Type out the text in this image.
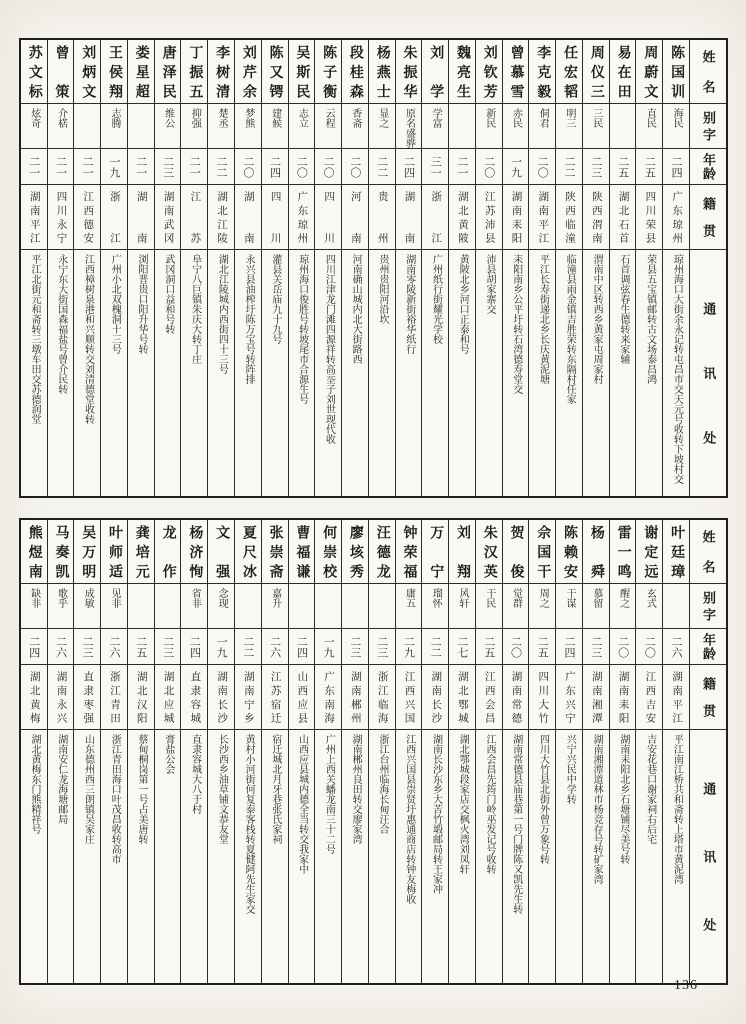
姓名
别字
年龄
籍贯
通讯处
陈国训
海民
二四
广东琼州
琼州海口大街余永记转屯昌市交天元号收转下坡村交
周蔚文
直民
二五
四川荣县
荣县五宝镇邮转古文场泰昌鸿
易在田
二五
湖北石首
石首调弦春生德转来家辅
周仪三
三民
二三
陕西渭南
渭南中区转西乡黄家屯周家村
任宏韬
明三
二二
陕西临潼
临潼县雨金镇吉胜荣转东隔村任家
李克毅
侗君
二〇
湖南平江
平江长寿街递北乡长庆黄泥塘
曾慕雪
赤民
一九
湖南耒阳
耒阳南乡公平圩转石湾德寿堂交
刘钦芳
新民
二〇
江苏沛县
沛县胡家寨交
魏亮生
二一
湖北黄陂
黄陂北乡河口正泰和号
刘学
学富
三一
浙江
广州纸行街耀光学校
朱振华
原名盛骅
二四
湖南
湖南零陵新街裕华纸行
杨燕士
显之
二二
贵州
贵州贵阳河沿坎
段桂森
香斋
二〇
河南
河南确山城内北大街路西
陈子衡
云程
二〇
四川
四川江津龙门滩四源祥转高坖子刘世现代收
吴斯民
志立
二〇
广东琼州
琼州海口俊胜号转坡尾市合源生号
陈又锷
建候
二四
四川
灌县关岳庙九十九号
刘芹余
梦熊
二〇
湖南
永兴县油榨圩陈万宝号转阵排
李树清
楚丞
二二
湖北江陵
湖北江陵城内西街四十三号
丁振五
抑强
二一
江苏
阜宁八巨镇朱庆大转丁庄
唐泽民
维公
二三
湖南武冈
武冈洞口益和号转
娄星超
二一
湖南
浏阳普贵口阳升华号转
王侯翔
志腾
一九
浙江
广州小北双槐洞十三号
刘炳文
二一
江西德安
江西樟树泉港和兴顺转交刘清德堂收转
曾策
介楛
二一
四川永宁
永宁东大街国森福盐号曾介民转
苏文标
炫奇
二一
湖南平江
平江北街元和斋转三墩车田交苏德润堂
姓名
别字
年龄
籍贯
通讯处
叶廷璋
二六
湖南平江
平江南江桥共和斋转上塔市黄泥湾
谢定远
玄式
二〇
江西吉安
吉安花巷口谢家祠右后宅
雷一鸣
醒之
二〇
湖南耒阳
湖南耒阳北乡石塘铺尽美号转
杨舜
慕留
二三
湖南湘潭
湖南湘潭道林市杨竞存号转矿家湾
陈赖安
干谋
二四
广东兴宁
兴宁兴民中学转
佘国干
周之
二五
四川大竹
四川大竹县北街外曾万象号转
贺俊
觉群
二〇
湖南常德
湖南常德县庙巷第一号门牌陈又凯先生转
朱汉英
干民
二五
江西会昌
江西会昌先筠门岭巫发记号收转
刘翔
风轩
二七
湖北鄂城
湖北鄂城段家店交枫火湾刘凤轩
万宁
瑠怀
二二
湖南长沙
湖南长沙东乡大苦竹塅邮局转王家冲
钟荣福
庸五
二九
江西兴国
江西兴国县崇贤圩惠通商店转钟友梅收
汪德龙
二三
浙江临海
浙江台州临海长甸汪合
廖垓秀
二三
湖南郴州
湖南郴州良田转交廖家湾
何崇校
一九
广东南海
广州上西关蟠龙南三十二号
曹福谦
二四
山西应县
山西应县城内德全当转交我家中
张崇斋
嘉升
二六
江苏宿迁
宿迁城北月牙巷张氏家祠
夏尺冰
二二
湖南宁乡
黄村小河街何复泰客栈转夏健阿先生家交
文强
念现
一九
湖南长沙
长沙西乡油草铺文恭友堂
杨济恂
省非
二四
直隶容城
直隶容城大八于村
龙作
二三
湖北应城
膏盐公会
龚培元
二五
湖北汉阳
蔡甸桐岗第一号占美唐转
叶师适
见非
二六
浙江青田
浙江青田海口叶茂昌收转高市
吴万明
成敏
二三
直隶枣强
山东德州西三朗镇吴家庄
马奏凯
歌乎
二六
湖南永兴
湖南安仁龙海塘邮局
熊煜南
缺非
二四
湖北黄梅
湖北黄梅东门熊精祥号
136
